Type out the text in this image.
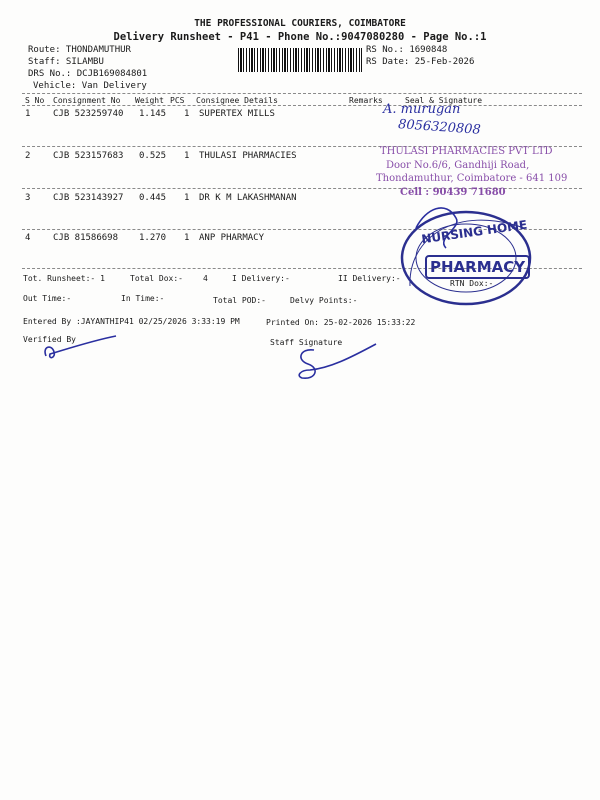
THE PROFESSIONAL COURIERS, COIMBATORE
Delivery Runsheet - P41 - Phone No.:9047080280 - Page No.:1
Route: THONDAMUTHUR
Staff: SILAMBU
DRS No.: DCJB169084801
Vehicle: Van Delivery
RS No.: 1690848
RS Date: 25-Feb-2026
S No Consignment No Weight PCS Consignee Details	Remarks	Seal & Signature
1	CJB 523259740 1.145 1 SUPERTEX MILLS
2	CJB 523157683 0.525 1 THULASI PHARMACIES
3	CJB 523143927 0.445 1 DR K M LAKASHMANAN
4	CJB 81586698 1.270 1 ANP PHARMACY
Tot. Runsheet:- 1	Total Dox:-	4	I Delivery:-	II Delivery:-
RTN Dox:-
Out Time:-	In Time:-	Total POD:-	Delvy Points:-
Entered By :JAYANTHIP41 02/25/2026 3:33:19 PM	Printed On: 25-02-2026 15:33:22
Verified By	Staff Signature
A. murugan
8056320808
THULASI PHARMACIES PVT LTD
Door No.6/6, Gandhiji Road,
Thondamuthur, Coimbatore - 641 109
Cell : 90439 71680
NURSING HOME
PHARMACY
